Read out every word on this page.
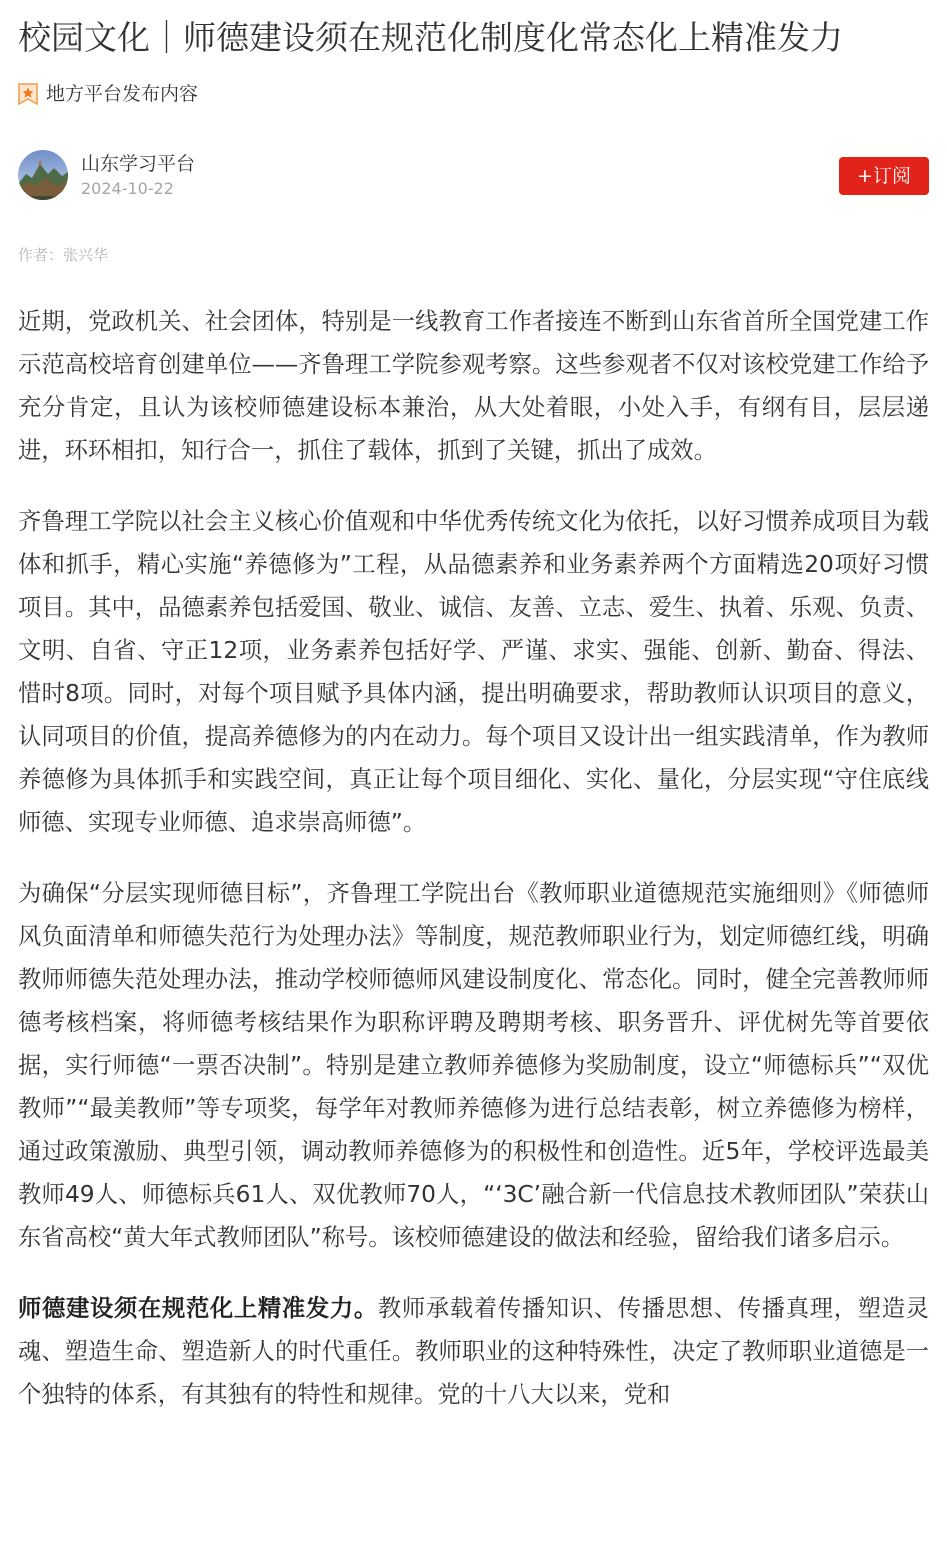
校园文化｜师德建设须在规范化制度化常态化上精准发力
地方平台发布内容
山东学习平台
2024-10-22
+订阅
作者：张兴华

近期，党政机关、社会团体，特别是一线教育工作者接连不断到山东省首所全国党建工作示范高校培育创建单位——齐鲁理工学院参观考察。这些参观者不仅对该校党建工作给予充分肯定，且认为该校师德建设标本兼治，从大处着眼，小处入手，有纲有目，层层递进，环环相扣，知行合一，抓住了载体，抓到了关键，抓出了成效。

齐鲁理工学院以社会主义核心价值观和中华优秀传统文化为依托，以好习惯养成项目为载体和抓手，精心实施“养德修为”工程，从品德素养和业务素养两个方面精选20项好习惯项目。其中，品德素养包括爱国、敬业、诚信、友善、立志、爱生、执着、乐观、负责、文明、自省、守正12项，业务素养包括好学、严谨、求实、强能、创新、勤奋、得法、惜时8项。同时，对每个项目赋予具体内涵，提出明确要求，帮助教师认识项目的意义，认同项目的价值，提高养德修为的内在动力。每个项目又设计出一组实践清单，作为教师养德修为具体抓手和实践空间，真正让每个项目细化、实化、量化，分层实现“守住底线师德、实现专业师德、追求崇高师德”。

为确保“分层实现师德目标”，齐鲁理工学院出台《教师职业道德规范实施细则》《师德师风负面清单和师德失范行为处理办法》等制度，规范教师职业行为，划定师德红线，明确教师师德失范处理办法，推动学校师德师风建设制度化、常态化。同时，健全完善教师师德考核档案，将师德考核结果作为职称评聘及聘期考核、职务晋升、评优树先等首要依据，实行师德“一票否决制”。特别是建立教师养德修为奖励制度，设立“师德标兵”“双优教师”“最美教师”等专项奖，每学年对教师养德修为进行总结表彰，树立养德修为榜样，通过政策激励、典型引领，调动教师养德修为的积极性和创造性。近5年，学校评选最美教师49人、师德标兵61人、双优教师70人，“‘3C’融合新一代信息技术教师团队”荣获山东省高校“黄大年式教师团队”称号。该校师德建设的做法和经验，留给我们诸多启示。

师德建设须在规范化上精准发力。教师承载着传播知识、传播思想、传播真理，塑造灵魂、塑造生命、塑造新人的时代重任。教师职业的这种特殊性，决定了教师职业道德是一个独特的体系，有其独有的特性和规律。党的十八大以来，党和
